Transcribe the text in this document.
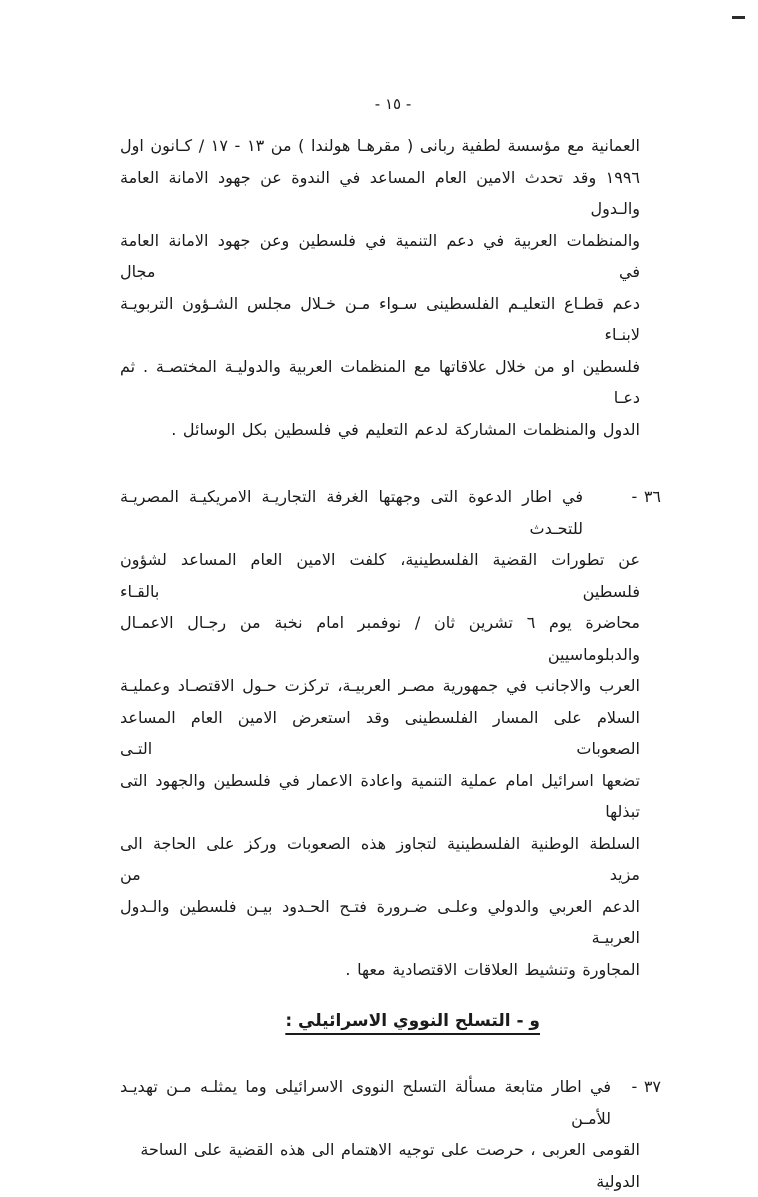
- ١٥ -
العمانية مع مؤسسة لطفية ربانى ( مقرهـا هولندا ) من ١٣ - ١٧ / كـانون اول
١٩٩٦ وقد تحدث الامين العام المساعد في الندوة عن جهود الامانة العامة والـدول
والمنظمات العربية في دعم التنمية في فلسطين وعن جهود الامانة العامة في مجال
دعم قطـاع التعليـم الفلسطينى سـواء مـن خـلال مجلس الشـؤون التربويـة لابنـاء
فلسطين او من خلال علاقاتها مع المنظمات العربية والدوليـة المختصـة . ثم دعـا
الدول والمنظمات المشاركة لدعم التعليم في فلسطين بكل الوسائل .
٣٦ -
في اطار الدعوة التى وجهتها الغرفة التجاريـة الامريكيـة المصريـة للتحـدث
عن تطورات القضية الفلسطينية، كلفت الامين العام المساعد لشؤون فلسطين بالقـاء
محاضرة يوم ٦ تشرين ثان / نوفمبر امام نخبة من رجـال الاعمـال والدبلوماسيين
العرب والاجانب في جمهورية مصـر العربيـة، تركزت حـول الاقتصـاد وعمليـة
السلام على المسار الفلسطينى وقد استعرض الامين العام المساعد الصعوبات التـى
تضعها اسرائيل امام عملية التنمية واعادة الاعمار في فلسطين والجهود التى تبذلها
السلطة الوطنية الفلسطينية لتجاوز هذه الصعوبات وركز على الحاجة الى مزيد من
الدعم العربي والدولي وعلـى ضـرورة فتـح الحـدود بيـن فلسطين والـدول العربيـة
المجاورة وتنشيط العلاقات الاقتصادية معها .
و - التسلح النووي الاسرائيلي :
٣٧ -
في اطار متابعة مسألة التسلح النووى الاسرائيلى وما يمثلـه مـن تهديـد للأمـن
القومى العربى ، حرصت على توجيه الاهتمام الى هذه القضية على الساحة الدولية
